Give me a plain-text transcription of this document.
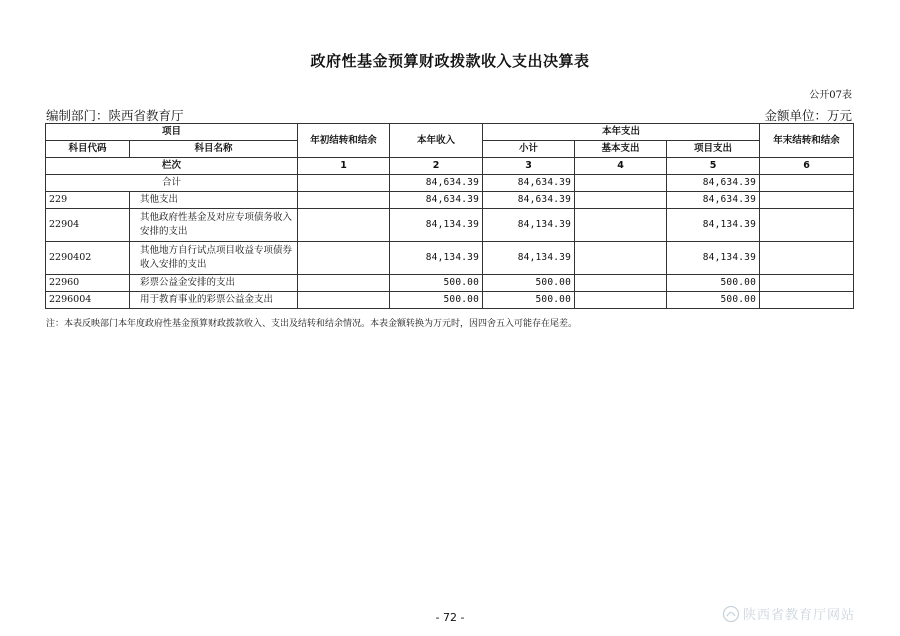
政府性基金预算财政拨款收入支出决算表
公开07表
编制部门：陕西省教育厅	金额单位：万元
项目		年初结转和结余	本年收入	本年支出			年末结转和结余
科目代码	科目名称			小计	基本支出	项目支出	
栏次		1	2	3	4	5	6
合计			84,634.39	84,634.39		84,634.39	
229	其他支出		84,634.39	84,634.39		84,634.39	
22904	其他政府性基金及对应专项债务收入安排的支出		84,134.39	84,134.39		84,134.39	
2290402	其他地方自行试点项目收益专项债券收入安排的支出		84,134.39	84,134.39		84,134.39	
22960	彩票公益金安排的支出		500.00	500.00		500.00	
2296004	用于教育事业的彩票公益金支出		500.00	500.00		500.00	
注：本表反映部门本年度政府性基金预算财政拨款收入、支出及结转和结余情况。本表金额转换为万元时，因四舍五入可能存在尾差。
- 72 -	陕西省教育厅网站
